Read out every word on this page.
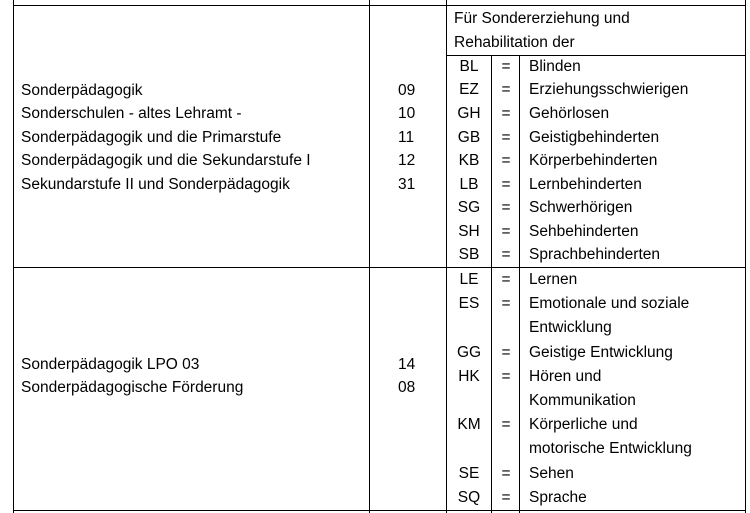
Für Sondererziehung und
Rehabilitation der
Sonderpädagogik	09
Sonderschulen - altes Lehramt -	10
Sonderpädagogik und die Primarstufe	11
Sonderpädagogik und die Sekundarstufe I	12
Sekundarstufe II und Sonderpädagogik	31
BL	=	Blinden
EZ	=	Erziehungsschwierigen
GH	=	Gehörlosen
GB	=	Geistigbehinderten
KB	=	Körperbehinderten
LB	=	Lernbehinderten
SG	=	Schwerhörigen
SH	=	Sehbehinderten
SB	=	Sprachbehinderten
Sonderpädagogik LPO 03	14
Sonderpädagogische Förderung	08
LE	=	Lernen
ES	=	Emotionale und soziale
Entwicklung
GG	=	Geistige Entwicklung
HK	=	Hören und
Kommunikation
KM	=	Körperliche und
motorische Entwicklung
SE	=	Sehen
SQ	=	Sprache
